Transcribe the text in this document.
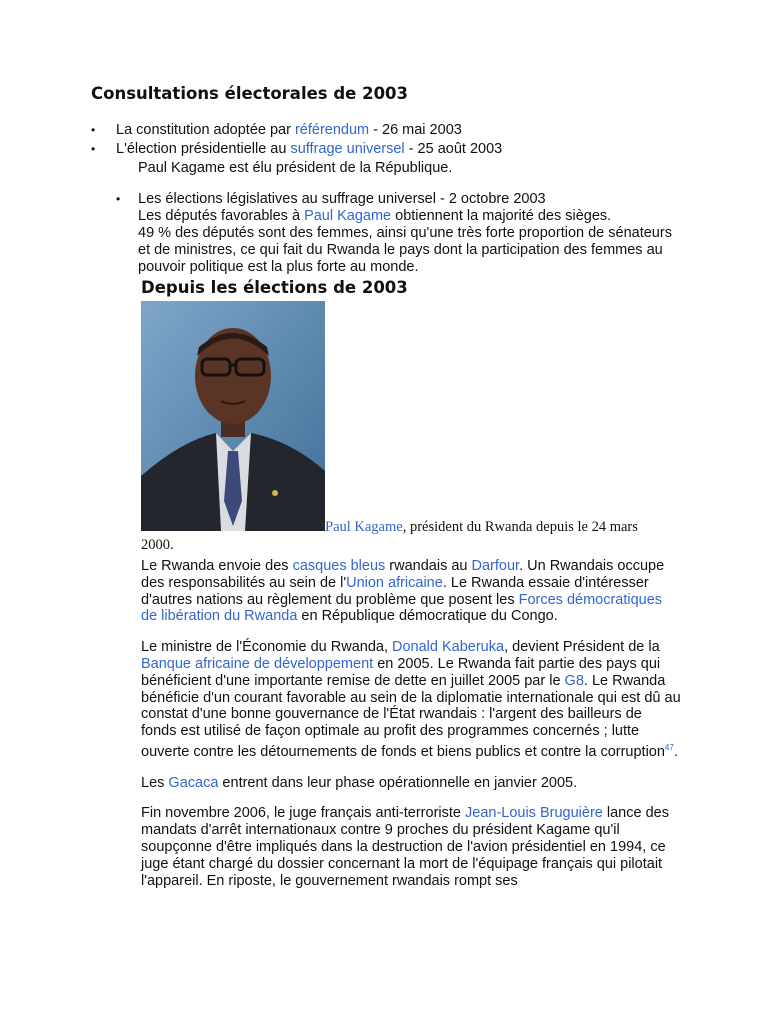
Consultations électorales de 2003
• La constitution adoptée par référendum - 26 mai 2003
• L'élection présidentielle au suffrage universel - 25 août 2003
Paul Kagame est élu président de la République.
• Les élections législatives au suffrage universel - 2 octobre 2003
Les députés favorables à Paul Kagame obtiennent la majorité des sièges.
49 % des députés sont des femmes, ainsi qu'une très forte proportion de sénateurs et de ministres, ce qui fait du Rwanda le pays dont la participation des femmes au pouvoir politique est la plus forte au monde.
Depuis les élections de 2003
Paul Kagame, président du Rwanda depuis le 24 mars 2000.

Le Rwanda envoie des casques bleus rwandais au Darfour. Un Rwandais occupe des responsabilités au sein de l'Union africaine. Le Rwanda essaie d'intéresser d'autres nations au règlement du problème que posent les Forces démocratiques de libération du Rwanda en République démocratique du Congo.

Le ministre de l'Économie du Rwanda, Donald Kaberuka, devient Président de la Banque africaine de développement en 2005. Le Rwanda fait partie des pays qui bénéficient d'une importante remise de dette en juillet 2005 par le G8. Le Rwanda bénéficie d'un courant favorable au sein de la diplomatie internationale qui est dû au constat d'une bonne gouvernance de l'État rwandais : l'argent des bailleurs de fonds est utilisé de façon optimale au profit des programmes concernés ; lutte ouverte contre les détournements de fonds et biens publics et contre la corruption$^{47}$.

Les Gacaca entrent dans leur phase opérationnelle en janvier 2005.

Fin novembre 2006, le juge français anti-terroriste Jean-Louis Bruguière lance des mandats d'arrêt internationaux contre 9 proches du président Kagame qu'il soupçonne d'être impliqués dans la destruction de l'avion présidentiel en 1994, ce juge étant chargé du dossier concernant la mort de l'équipage français qui pilotait l'appareil. En riposte, le gouvernement rwandais rompt ses
